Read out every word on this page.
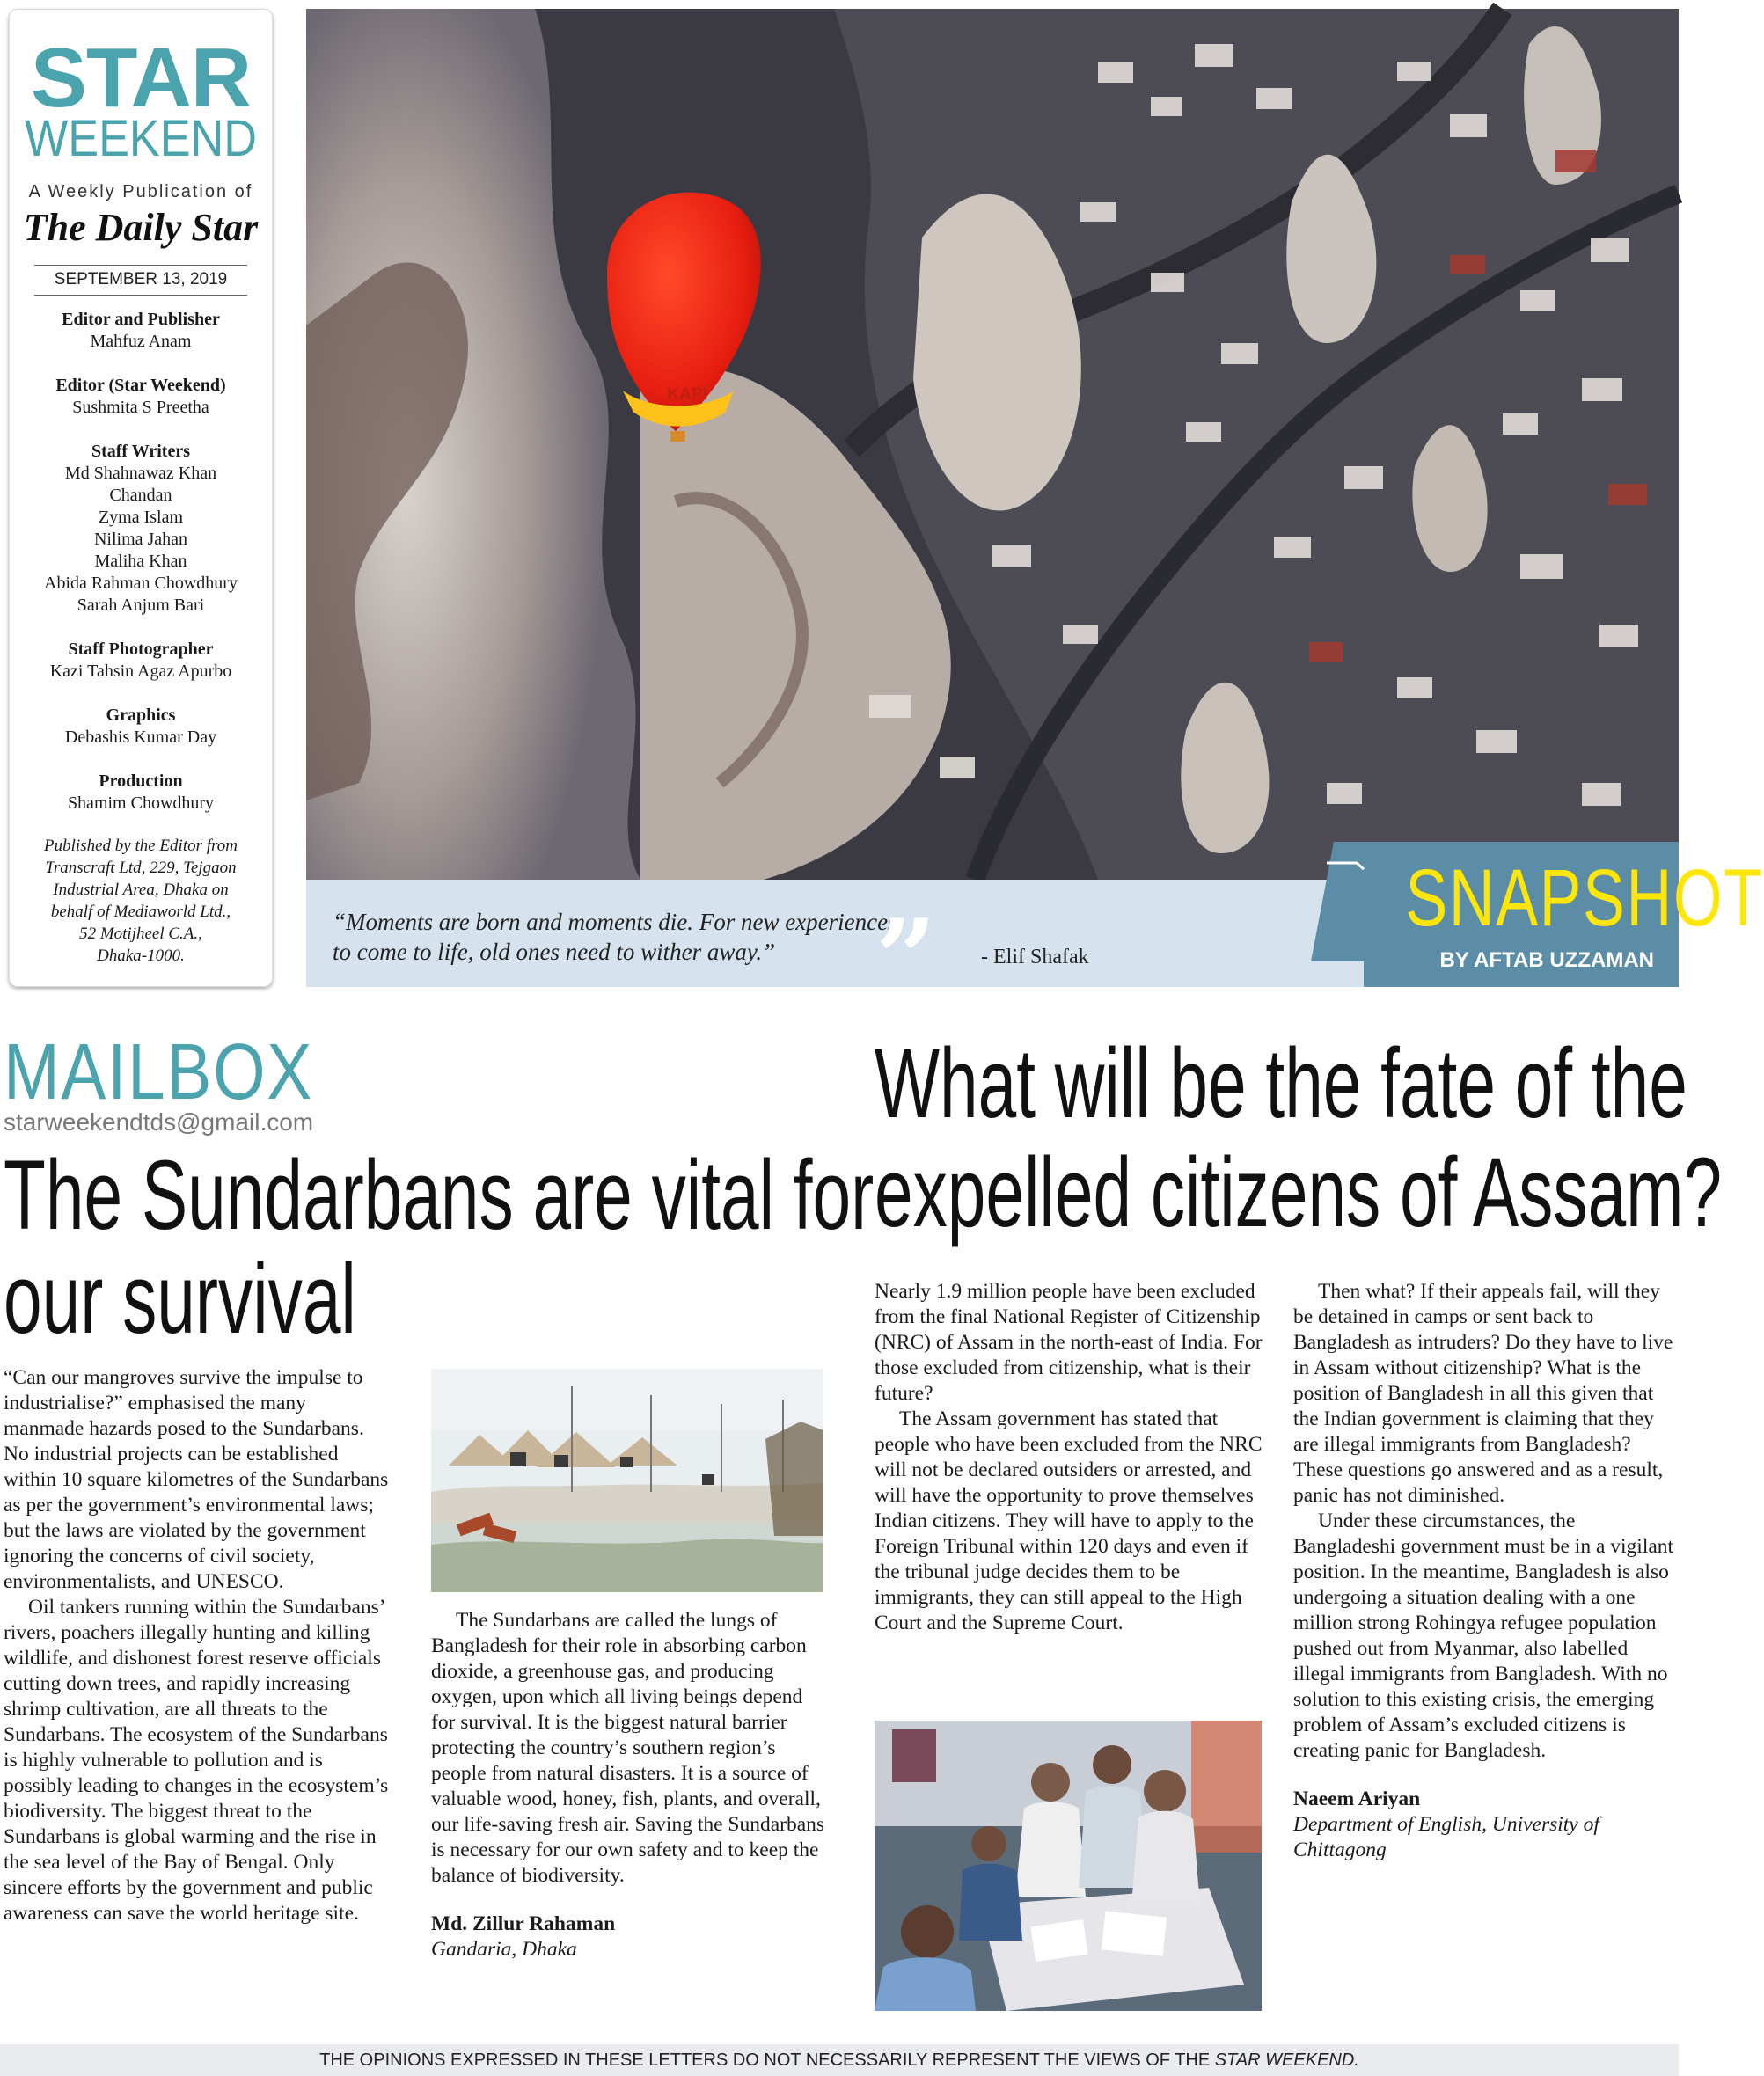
STAR
WEEKEND
A Weekly Publication of
The Daily Star
SEPTEMBER 13, 2019
Editor and Publisher
Mahfuz Anam
Editor (Star Weekend)
Sushmita S Preetha
Staff Writers
Md Shahnawaz Khan
Chandan
Zyma Islam
Nilima Jahan
Maliha Khan
Abida Rahman Chowdhury
Sarah Anjum Bari
Staff Photographer
Kazi Tahsin Agaz Apurbo
Graphics
Debashis Kumar Day
Production
Shamim Chowdhury
Published by the Editor from
Transcraft Ltd, 229, Tejgaon
Industrial Area, Dhaka on
behalf of Mediaworld Ltd.,
52 Motijheel C.A.,
Dhaka-1000.
KAPI
“Moments are born and moments die. For new experiences
to come to life, old ones need to wither away.” ” - Elif Shafak
SNAPSHOT
BY AFTAB UZZAMAN
MAILBOX
starweekendtds@gmail.com
The Sundarbans are vital for
our survival

“Can our mangroves survive the impulse to industrialise?” emphasised the many manmade hazards posed to the Sundarbans. No industrial projects can be established within 10 square kilometres of the Sundarbans as per the government’s environmental laws; but the laws are violated by the government ignoring the concerns of civil society, environmentalists, and UNESCO.

Oil tankers running within the Sundarbans’ rivers, poachers illegally hunting and killing wildlife, and dishonest forest reserve officials cutting down trees, and rapidly increasing shrimp cultivation, are all threats to the Sundarbans. The ecosystem of the Sundarbans is highly vulnerable to pollution and is possibly leading to changes in the ecosystem’s biodiversity. The biggest threat to the Sundarbans is global warming and the rise in the sea level of the Bay of Bengal. Only sincere efforts by the government and public awareness can save the world heritage site.

The Sundarbans are called the lungs of Bangladesh for their role in absorbing carbon dioxide, a greenhouse gas, and producing oxygen, upon which all living beings depend for survival. It is the biggest natural barrier protecting the country’s southern region’s people from natural disasters. It is a source of valuable wood, honey, fish, plants, and overall, our life-saving fresh air. Saving the Sundarbans is necessary for our own safety and to keep the balance of biodiversity.

Md. Zillur Rahaman
Gandaria, Dhaka
What will be the fate of the
expelled citizens of Assam?

Nearly 1.9 million people have been excluded from the final National Register of Citizenship (NRC) of Assam in the north-east of India. For those excluded from citizenship, what is their future?

The Assam government has stated that people who have been excluded from the NRC will not be declared outsiders or arrested, and will have the opportunity to prove themselves Indian citizens. They will have to apply to the Foreign Tribunal within 120 days and even if the tribunal judge decides them to be immigrants, they can still appeal to the High Court and the Supreme Court.

Then what? If their appeals fail, will they be detained in camps or sent back to Bangladesh as intruders? Do they have to live in Assam without citizenship? What is the position of Bangladesh in all this given that the Indian government is claiming that they are illegal immigrants from Bangladesh? These questions go answered and as a result, panic has not diminished.

Under these circumstances, the Bangladeshi government must be in a vigilant position. In the meantime, Bangladesh is also undergoing a situation dealing with a one million strong Rohingya refugee population pushed out from Myanmar, also labelled illegal immigrants from Bangladesh. With no solution to this existing crisis, the emerging problem of Assam’s excluded citizens is creating panic for Bangladesh.

Naeem Ariyan
Department of English, University of Chittagong
THE OPINIONS EXPRESSED IN THESE LETTERS DO NOT NECESSARILY REPRESENT THE VIEWS OF THE STAR WEEKEND.
